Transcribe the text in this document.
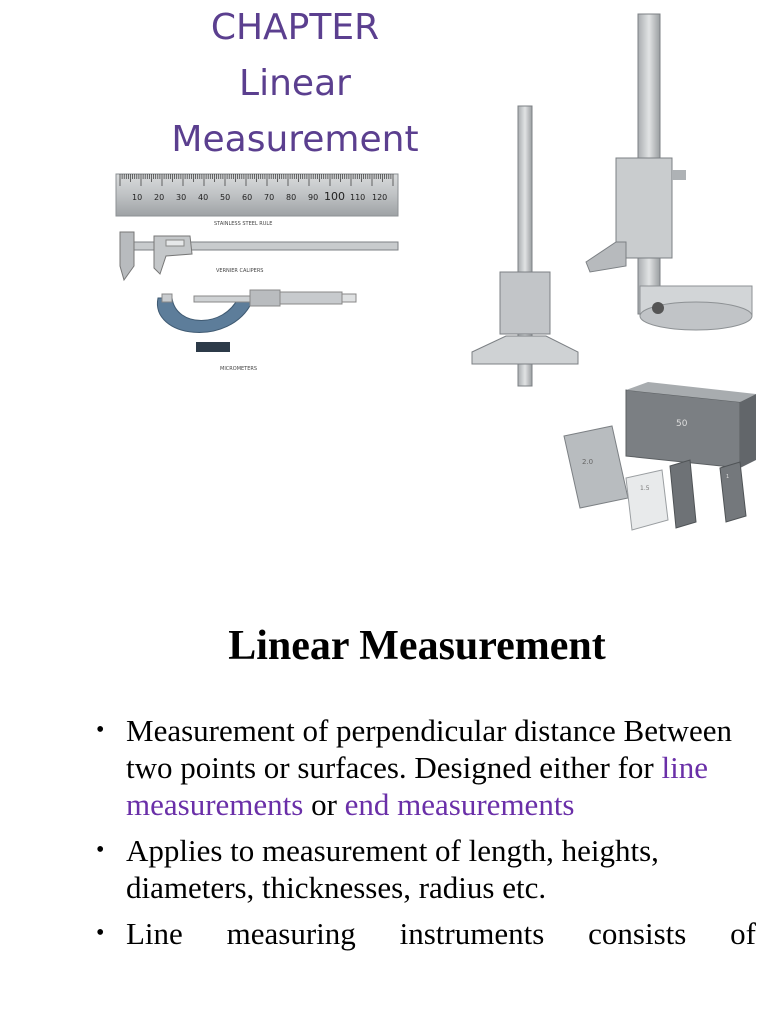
CHAPTER
Linear
Measurement
10 20 30 40 50 60 70 80 90 100 110 120
STAINLESS STEEL RULE
VERNIER CALIPERS
MICROMETERS
50
2.0
1.5
1
Linear Measurement
• Measurement of perpendicular distance Between two points or surfaces. Designed either for line measurements or end measurements
• Applies to measurement of length, heights, diameters, thicknesses, radius etc.
• Line measuring instruments consists of
